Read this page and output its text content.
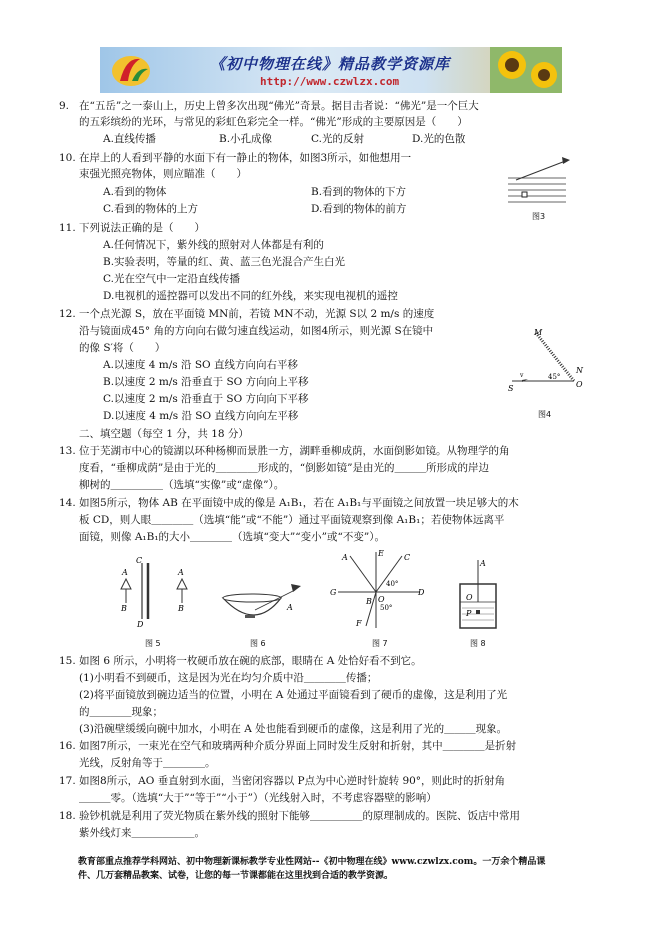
《初中物理在线》精品教学资源库
http://www.czwlzx.com
9. 在“五岳”之一泰山上，历史上曾多次出现“佛光”奇景。据目击者说：“佛光”是一个巨大
的五彩缤纷的光环，与常见的彩虹色彩完全一样。“佛光”形成的主要原因是（　　）
A.直线传播	B.小孔成像	C.光的反射	D.光的色散
10. 在岸上的人看到平静的水面下有一静止的物体，如图3所示，如他想用一
束强光照亮物体，则应瞄准（　　）
A.看到的物体	B.看到的物体的下方
C.看到的物体的上方	D.看到的物体的前方
图3
11. 下列说法正确的是（　　）
A.任何情况下，紫外线的照射对人体都是有利的
B.实验表明，等量的红、黄、蓝三色光混合产生白光
C.光在空气中一定沿直线传播
D.电视机的遥控器可以发出不同的红外线，来实现电视机的遥控
12. 一个点光源 S，放在平面镜 MN前，若镜 MN不动，光源 S以 2 m/s 的速度
沿与镜面成45° 角的方向向右做匀速直线运动，如图4所示，则光源 S在镜中
的像 S′将（　　）
A.以速度 4 m/s 沿 SO 直线方向向右平移
B.以速度 2 m/s 沿垂直于 SO 方向向上平移
C.以速度 2 m/s 沿垂直于 SO 方向向下平移
D.以速度 4 m/s 沿 SO 直线方向向左平移
M
N
O
S
45°
v
图4
二、填空题（每空 1 分，共 18 分）
13. 位于芜湖市中心的镜湖以环种杨柳而景胜一方，湖畔垂柳成荫，水面倒影如镜。从物理学的角
度看，“垂柳成荫”是由于光的＿＿＿＿形成的，“倒影如镜”是由光的＿＿＿所形成的岸边
柳树的＿＿＿＿＿（选填“实像”或“虚像”）。
14. 如图5所示，物体 AB 在平面镜中成的像是 A₁B₁，若在 A₁B₁与平面镜之间放置一块足够大的木
板 CD，则人眼＿＿＿＿（选填“能”或“不能”）通过平面镜观察到像 A₁B₁；若使物体远离平
面镜，则像 A₁B₁的大小＿＿＿＿（选填“变大”“变小”或“不变”）。
C
D
A
B
A
B
图 5
A
图 6
A	C
G	D
E
F
B O
40°
50°
图 7
A
O
P
图 8
15. 如图 6 所示，小明将一枚硬币放在碗的底部，眼睛在 A 处恰好看不到它。
(1)小明看不到硬币，这是因为光在均匀介质中沿＿＿＿＿传播；
(2)将平面镜放到碗边适当的位置，小明在 A 处通过平面镜看到了硬币的虚像，这是利用了光
的＿＿＿＿现象；
(3)沿碗壁缓缓向碗中加水，小明在 A 处也能看到硬币的虚像，这是利用了光的＿＿＿现象。
16. 如图7所示，一束光在空气和玻璃两种介质分界面上同时发生反射和折射，其中＿＿＿＿是折射
光线，反射角等于＿＿＿＿。
17. 如图8所示，AO 垂直射到水面，当密闭容器以 P点为中心逆时针旋转 90°，则此时的折射角
＿＿＿零。（选填“大于”“等于”“小于”）（光线射入时，不考虑容器壁的影响）
18. 验钞机就是利用了荧光物质在紫外线的照射下能够＿＿＿＿＿的原理制成的。医院、饭店中常用
紫外线灯来＿＿＿＿＿＿。
教育部重点推荐学科网站、初中物理新课标教学专业性网站--《初中物理在线》www.czwlzx.com。一万余个精品课
件、几万套精品教案、试卷，让您的每一节课都能在这里找到合适的教学资源。
